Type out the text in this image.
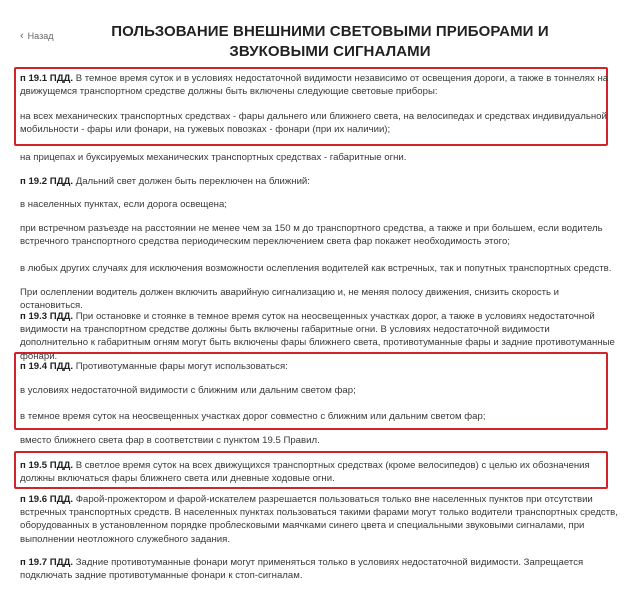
‹ Назад	ПОЛЬЗОВАНИЕ ВНЕШНИМИ СВЕТОВЫМИ ПРИБОРАМИ И ЗВУКОВЫМИ СИГНАЛАМИ

п 19.1 ПДД. В темное время суток и в условиях недостаточной видимости независимо от освещения дороги, а также в тоннелях на движущемся транспортном средстве должны быть включены следующие световые приборы:

на всех механических транспортных средствах - фары дальнего или ближнего света, на велосипедах и средствах индивидуальной мобильности - фары или фонари, на гужевых повозках - фонари (при их наличии);

на прицепах и буксируемых механических транспортных средствах - габаритные огни.

п 19.2 ПДД. Дальний свет должен быть переключен на ближний:

в населенных пунктах, если дорога освещена;

при встречном разъезде на расстоянии не менее чем за 150 м до транспортного средства, а также и при большем, если водитель встречного транспортного средства периодическим переключением света фар покажет необходимость этого;

в любых других случаях для исключения возможности ослепления водителей как встречных, так и попутных транспортных средств.

При ослеплении водитель должен включить аварийную сигнализацию и, не меняя полосу движения, снизить скорость и остановиться.

п 19.3 ПДД. При остановке и стоянке в темное время суток на неосвещенных участках дорог, а также в условиях недостаточной видимости на транспортном средстве должны быть включены габаритные огни. В условиях недостаточной видимости дополнительно к габаритным огням могут быть включены фары ближнего света, противотуманные фары и задние противотуманные фонари.

п 19.4 ПДД. Противотуманные фары могут использоваться:

в условиях недостаточной видимости с ближним или дальним светом фар;

в темное время суток на неосвещенных участках дорог совместно с ближним или дальним светом фар;

вместо ближнего света фар в соответствии с пунктом 19.5 Правил.

п 19.5 ПДД. В светлое время суток на всех движущихся транспортных средствах (кроме велосипедов) с целью их обозначения должны включаться фары ближнего света или дневные ходовые огни.

п 19.6 ПДД. Фарой-прожектором и фарой-искателем разрешается пользоваться только вне населенных пунктов при отсутствии встречных транспортных средств. В населенных пунктах пользоваться такими фарами могут только водители транспортных средств, оборудованных в установленном порядке проблесковыми маячками синего цвета и специальными звуковыми сигналами, при выполнении неотложного служебного задания.

п 19.7 ПДД. Задние противотуманные фонари могут применяться только в условиях недостаточной видимости. Запрещается подключать задние противотуманные фонари к стоп-сигналам.
